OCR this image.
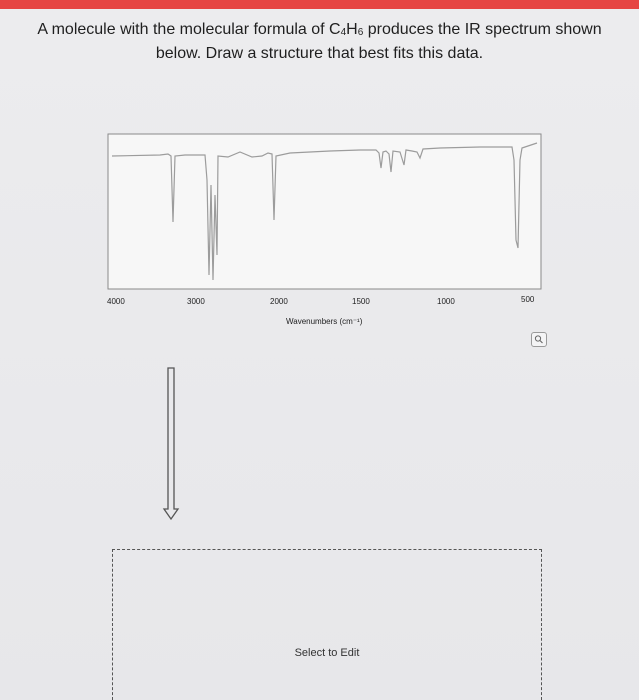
A molecule with the molecular formula of $C_4H_6$ produces the IR spectrum shown below. Draw a structure that best fits this data.
4000	3000	2000	1500	1000	500
Wavenumbers (cm⁻¹)
Select to Edit
